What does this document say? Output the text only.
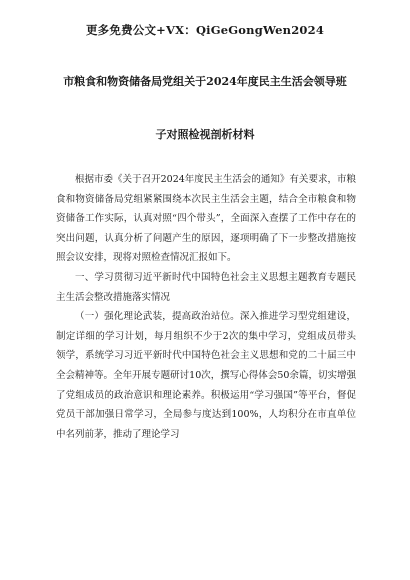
更多免费公文+VX：QiGeGongWen2024
市粮食和物资储备局党组关于2024年度民主生活会领导班
子对照检视剖析材料

根据市委《关于召开2024年度民主生活会的通知》有关要求，市粮食和物资储备局党组紧紧围绕本次民主生活会主题，结合全市粮食和物资储备工作实际，认真对照“四个带头”，全面深入查摆了工作中存在的突出问题，认真分析了问题产生的原因，逐项明确了下一步整改措施按照会议安排，现将对照检查情况汇报如下。

一、学习贯彻习近平新时代中国特色社会主义思想主题教育专题民主生活会整改措施落实情况

（一）强化理论武装，提高政治站位。深入推进学习型党组建设，制定详细的学习计划，每月组织不少于2次的集中学习，党组成员带头领学，系统学习习近平新时代中国特色社会主义思想和党的二十届三中全会精神等。全年开展专题研讨10次，撰写心得体会50余篇，切实增强了党组成员的政治意识和理论素养。积极运用“学习强国”等平台，督促党员干部加强日常学习，全局参与度达到100%，人均积分在市直单位中名列前茅，推动了理论学习
